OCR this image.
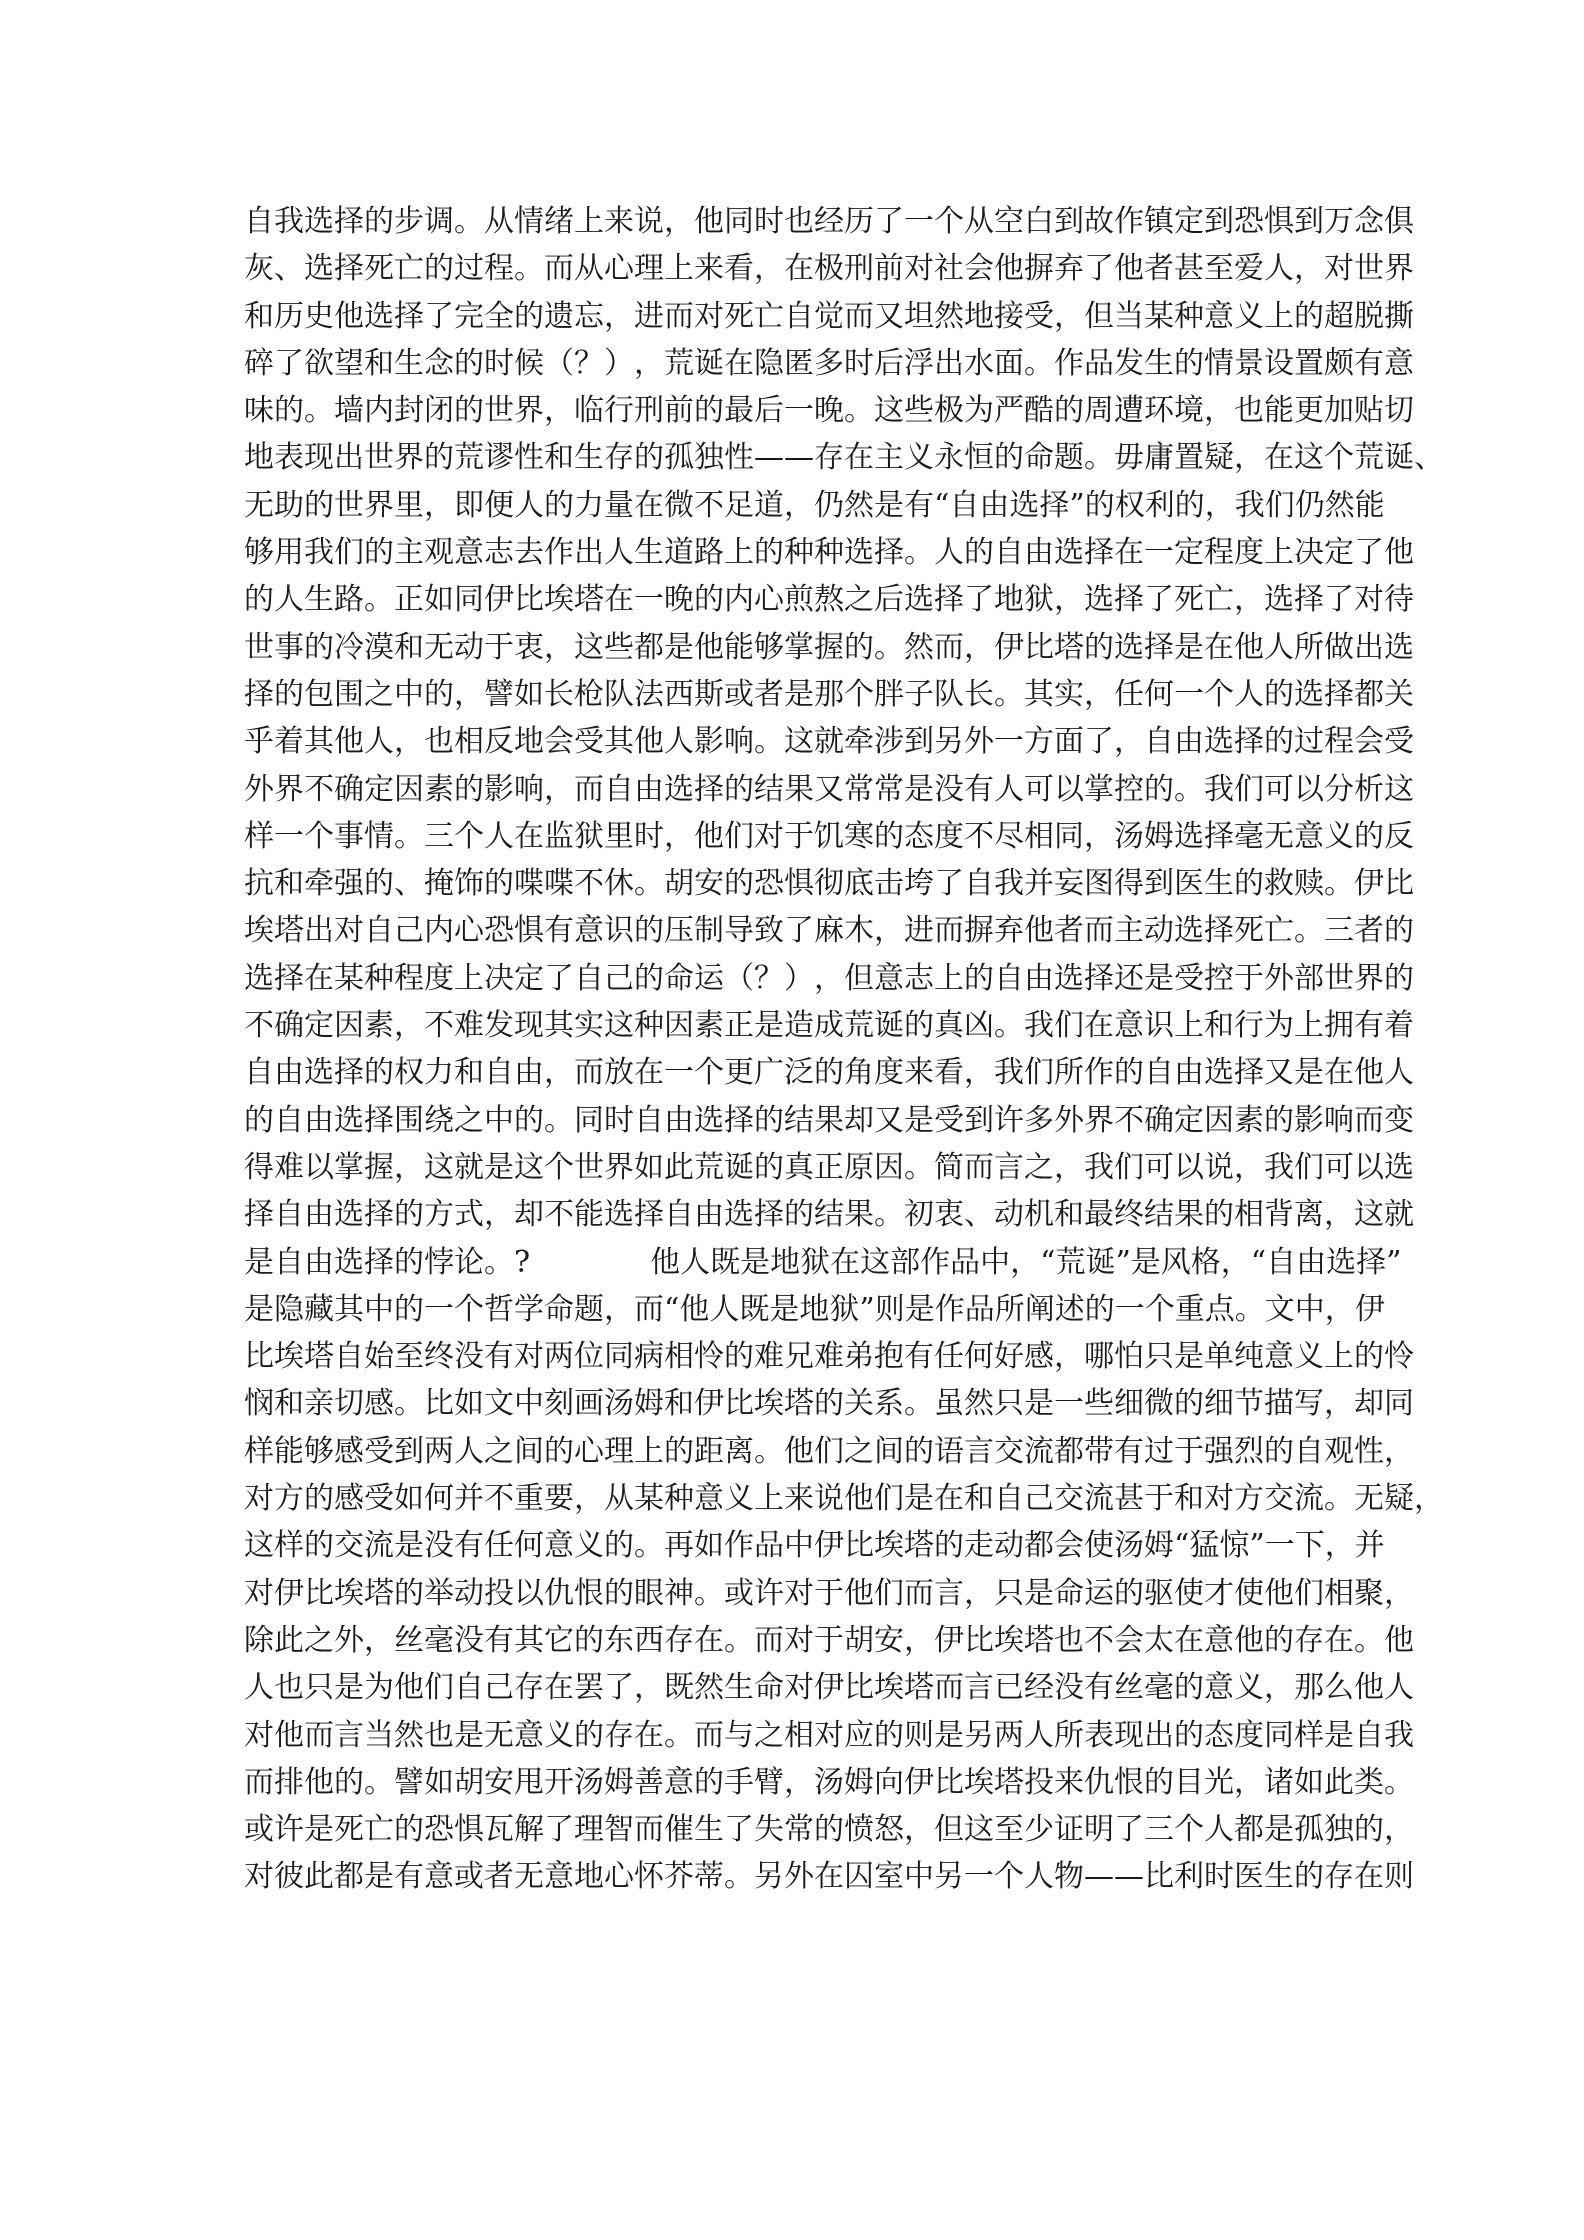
自 我 选 择 的 步 调 。 从 情 绪 上 来 说 ， 他 同 时 也 经 历 了 一 个 从 空 白 到 故 作 镇 定 到 恐 惧 到 万 念 俱
灰 、 选 择 死 亡 的 过 程 。 而 从 心 理 上 来 看 ， 在 极 刑 前 对 社 会 他 摒 弃 了 他 者 甚 至 爱 人 ， 对 世 界
和 历 史 他 选 择 了 完 全 的 遗 忘 ， 进 而 对 死 亡 自 觉 而 又 坦 然 地 接 受 ， 但 当 某 种 意 义 上 的 超 脱 撕
碎 了 欲 望 和 生 念 的 时 候 （ ？ ） ， 荒 诞 在 隐 匿 多 时 后 浮 出 水 面 。 作 品 发 生 的 情 景 设 置 颇 有 意
味 的 。 墙 内 封 闭 的 世 界 ， 临 行 刑 前 的 最 后 一 晚 。 这 些 极 为 严 酷 的 周 遭 环 境 ， 也 能 更 加 贴 切
地 表 现 出 世 界 的 荒 谬 性 和 生 存 的 孤 独 性 — — 存 在 主 义 永 恒 的 命 题 。 毋 庸 置 疑 ， 在 这 个 荒 诞 、
无 助 的 世 界 里 ， 即 便 人 的 力 量 在 微 不 足 道 ， 仍 然 是 有 “ 自 由 选 择 ” 的 权 利 的 ， 我 们 仍 然 能
够 用 我 们 的 主 观 意 志 去 作 出 人 生 道 路 上 的 种 种 选 择 。 人 的 自 由 选 择 在 一 定 程 度 上 决 定 了 他
的 人 生 路 。 正 如 同 伊 比 埃 塔 在 一 晚 的 内 心 煎 熬 之 后 选 择 了 地 狱 ， 选 择 了 死 亡 ， 选 择 了 对 待
世 事 的 冷 漠 和 无 动 于 衷 ， 这 些 都 是 他 能 够 掌 握 的 。 然 而 ， 伊 比 塔 的 选 择 是 在 他 人 所 做 出 选
择 的 包 围 之 中 的 ， 譬 如 长 枪 队 法 西 斯 或 者 是 那 个 胖 子 队 长 。 其 实 ， 任 何 一 个 人 的 选 择 都 关
乎 着 其 他 人 ， 也 相 反 地 会 受 其 他 人 影 响 。 这 就 牵 涉 到 另 外 一 方 面 了 ， 自 由 选 择 的 过 程 会 受
外 界 不 确 定 因 素 的 影 响 ， 而 自 由 选 择 的 结 果 又 常 常 是 没 有 人 可 以 掌 控 的 。 我 们 可 以 分 析 这
样 一 个 事 情 。 三 个 人 在 监 狱 里 时 ， 他 们 对 于 饥 寒 的 态 度 不 尽 相 同 ， 汤 姆 选 择 毫 无 意 义 的 反
抗 和 牵 强 的 、 掩 饰 的 喋 喋 不 休 。 胡 安 的 恐 惧 彻 底 击 垮 了 自 我 并 妄 图 得 到 医 生 的 救 赎 。 伊 比
埃 塔 出 对 自 己 内 心 恐 惧 有 意 识 的 压 制 导 致 了 麻 木 ， 进 而 摒 弃 他 者 而 主 动 选 择 死 亡 。 三 者 的
选 择 在 某 种 程 度 上 决 定 了 自 己 的 命 运 （ ？ ） ， 但 意 志 上 的 自 由 选 择 还 是 受 控 于 外 部 世 界 的
不 确 定 因 素 ， 不 难 发 现 其 实 这 种 因 素 正 是 造 成 荒 诞 的 真 凶 。 我 们 在 意 识 上 和 行 为 上 拥 有 着
自 由 选 择 的 权 力 和 自 由 ， 而 放 在 一 个 更 广 泛 的 角 度 来 看 ， 我 们 所 作 的 自 由 选 择 又 是 在 他 人
的 自 由 选 择 围 绕 之 中 的 。 同 时 自 由 选 择 的 结 果 却 又 是 受 到 许 多 外 界 不 确 定 因 素 的 影 响 而 变
得 难 以 掌 握 ， 这 就 是 这 个 世 界 如 此 荒 诞 的 真 正 原 因 。 简 而 言 之 ， 我 们 可 以 说 ， 我 们 可 以 选
择 自 由 选 择 的 方 式 ， 却 不 能 选 择 自 由 选 择 的 结 果 。 初 衷 、 动 机 和 最 终 结 果 的 相 背 离 ， 这 就
是 自 由 选 择 的 悖 论 。 ?

　	他 人 既 是 地 狱 在 这 部 作 品 中 ， “ 荒 诞 ” 是 风 格 ， “ 自 由 选 择 ”
是 隐 藏 其 中 的 一 个 哲 学 命 题 ， 而 “ 他 人 既 是 地 狱 ” 则 是 作 品 所 阐 述 的 一 个 重 点 。 文 中 ， 伊
比 埃 塔 自 始 至 终 没 有 对 两 位 同 病 相 怜 的 难 兄 难 弟 抱 有 任 何 好 感 ， 哪 怕 只 是 单 纯 意 义 上 的 怜
悯 和 亲 切 感 。 比 如 文 中 刻 画 汤 姆 和 伊 比 埃 塔 的 关 系 。 虽 然 只 是 一 些 细 微 的 细 节 描 写 ， 却 同
样 能 够 感 受 到 两 人 之 间 的 心 理 上 的 距 离 。 他 们 之 间 的 语 言 交 流 都 带 有 过 于 强 烈 的 自 观 性 ，
对 方 的 感 受 如 何 并 不 重 要 ， 从 某 种 意 义 上 来 说 他 们 是 在 和 自 己 交 流 甚 于 和 对 方 交 流 。 无 疑 ，
这 样 的 交 流 是 没 有 任 何 意 义 的 。 再 如 作 品 中 伊 比 埃 塔 的 走 动 都 会 使 汤 姆 “ 猛 惊 ” 一 下 ， 并
对 伊 比 埃 塔 的 举 动 投 以 仇 恨 的 眼 神 。 或 许 对 于 他 们 而 言 ， 只 是 命 运 的 驱 使 才 使 他 们 相 聚 ，
除 此 之 外 ， 丝 毫 没 有 其 它 的 东 西 存 在 。 而 对 于 胡 安 ， 伊 比 埃 塔 也 不 会 太 在 意 他 的 存 在 。 他
人 也 只 是 为 他 们 自 己 存 在 罢 了 ， 既 然 生 命 对 伊 比 埃 塔 而 言 已 经 没 有 丝 毫 的 意 义 ， 那 么 他 人
对 他 而 言 当 然 也 是 无 意 义 的 存 在 。 而 与 之 相 对 应 的 则 是 另 两 人 所 表 现 出 的 态 度 同 样 是 自 我
而 排 他 的 。 譬 如 胡 安 甩 开 汤 姆 善 意 的 手 臂 ， 汤 姆 向 伊 比 埃 塔 投 来 仇 恨 的 目 光 ， 诸 如 此 类 。
或 许 是 死 亡 的 恐 惧 瓦 解 了 理 智 而 催 生 了 失 常 的 愤 怒 ， 但 这 至 少 证 明 了 三 个 人 都 是 孤 独 的 ，
对 彼 此 都 是 有 意 或 者 无 意 地 心 怀 芥 蒂 。 另 外 在 囚 室 中 另 一 个 人 物 — — 比 利 时 医 生 的 存 在 则
